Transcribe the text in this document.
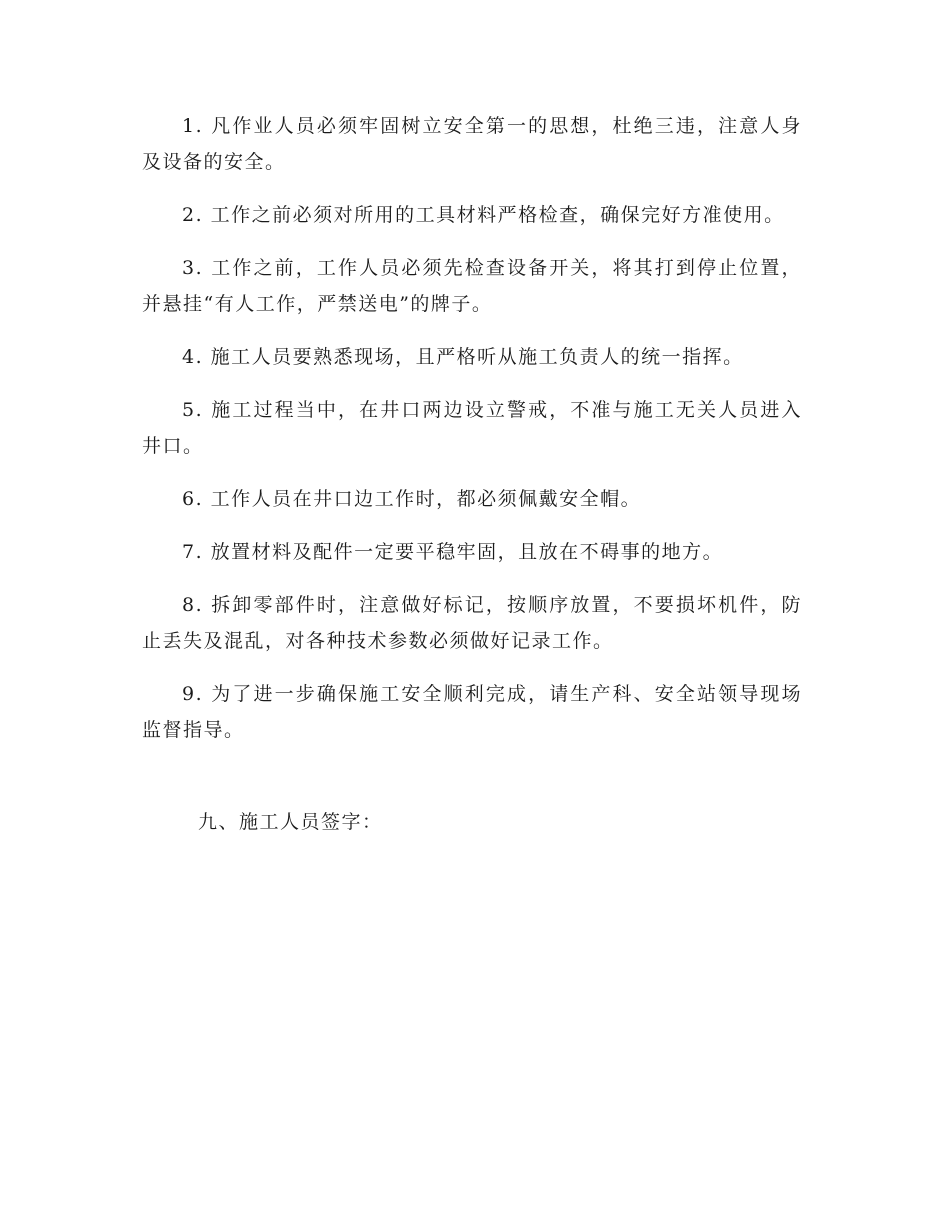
1. 凡作业人员必须牢固树立安全第一的思想，杜绝三违，注意人身及设备的安全。

2. 工作之前必须对所用的工具材料严格检查，确保完好方准使用。

3. 工作之前，工作人员必须先检查设备开关，将其打到停止位置，并悬挂“有人工作，严禁送电”的牌子。

4. 施工人员要熟悉现场，且严格听从施工负责人的统一指挥。

5. 施工过程当中，在井口两边设立警戒，不准与施工无关人员进入井口。

6. 工作人员在井口边工作时，都必须佩戴安全帽。

7. 放置材料及配件一定要平稳牢固，且放在不碍事的地方。

8. 拆卸零部件时，注意做好标记，按顺序放置，不要损坏机件，防止丢失及混乱，对各种技术参数必须做好记录工作。

9. 为了进一步确保施工安全顺利完成，请生产科、安全站领导现场监督指导。

九、施工人员签字：
